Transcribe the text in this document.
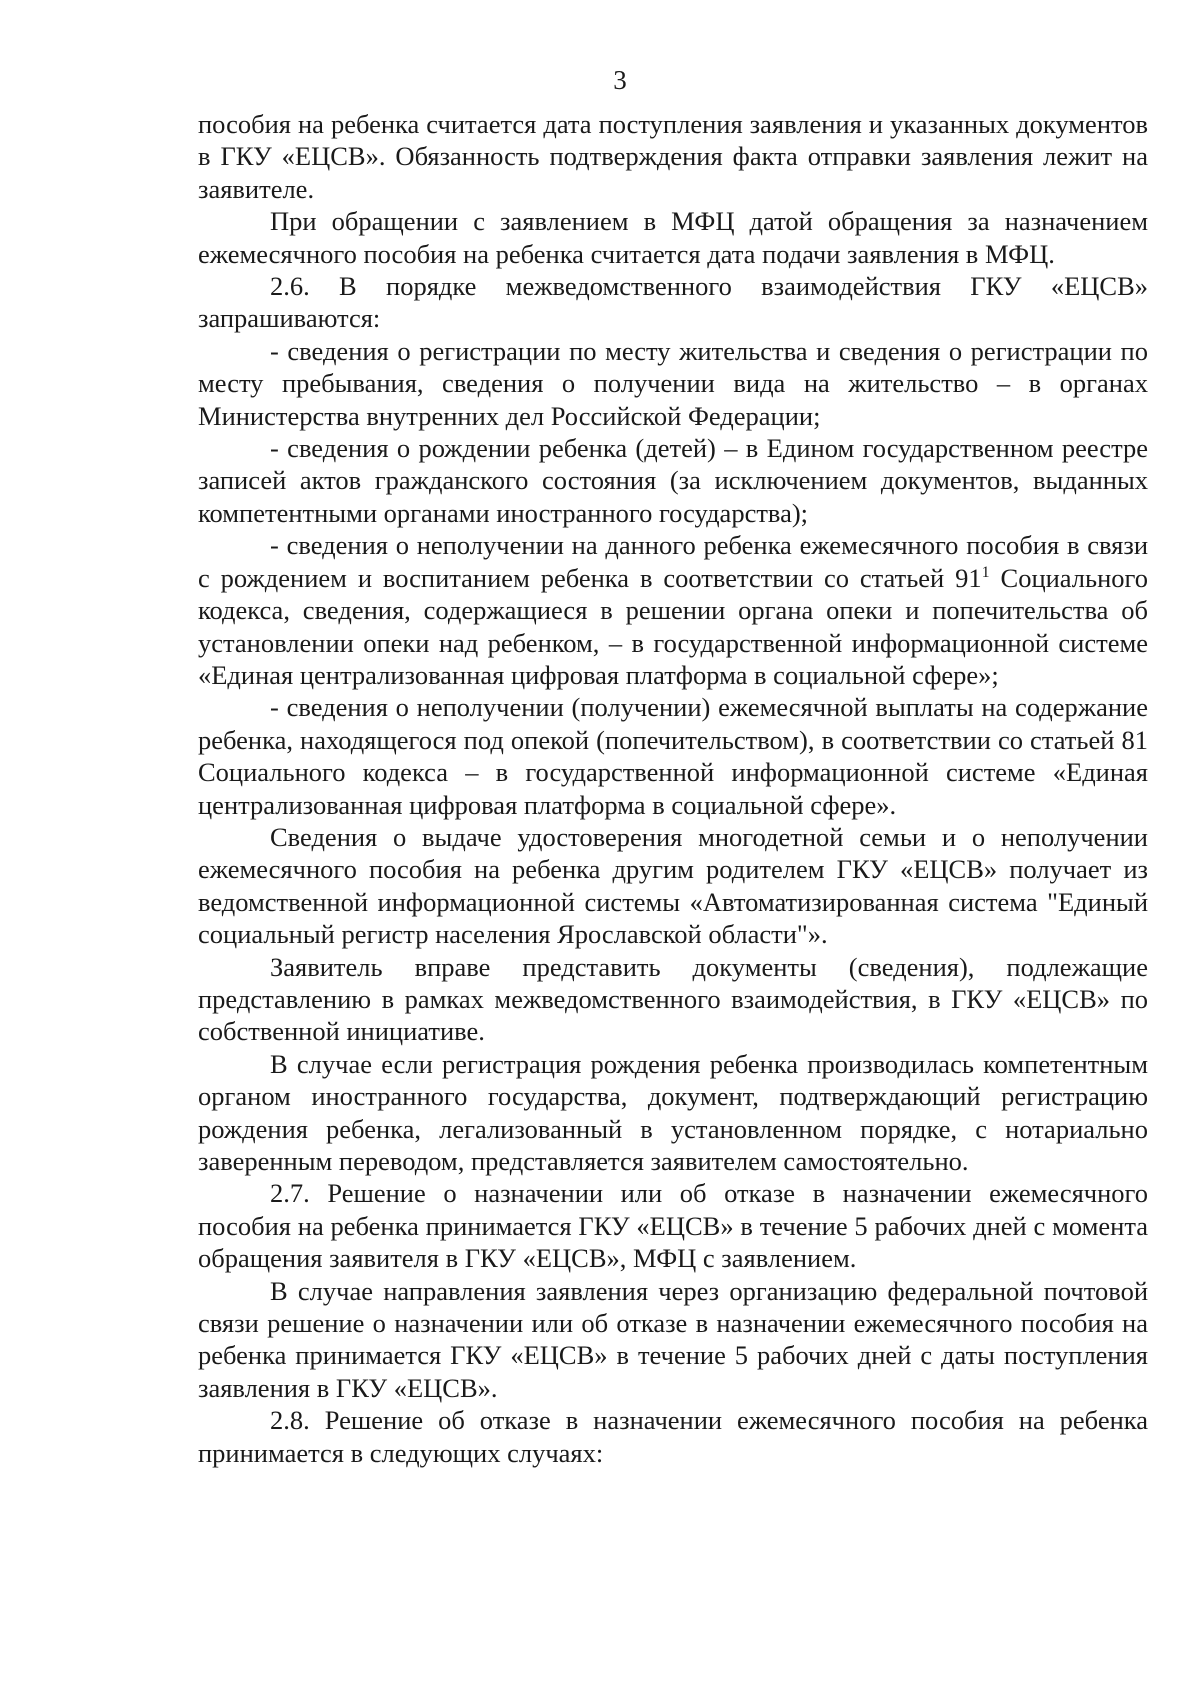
3

пособия на ребенка считается дата поступления заявления и указанных документов в ГКУ «ЕЦСВ». Обязанность подтверждения факта отправки заявления лежит на заявителе.

При обращении с заявлением в МФЦ датой обращения за назначением ежемесячного пособия на ребенка считается дата подачи заявления в МФЦ.

2.6. В порядке межведомственного взаимодействия ГКУ «ЕЦСВ» запрашиваются:

- сведения о регистрации по месту жительства и сведения о регистрации по месту пребывания, сведения о получении вида на жительство – в органах Министерства внутренних дел Российской Федерации;

- сведения о рождении ребенка (детей) – в Едином государственном реестре записей актов гражданского состояния (за исключением документов, выданных компетентными органами иностранного государства);

- сведения о неполучении на данного ребенка ежемесячного пособия в связи с рождением и воспитанием ребенка в соответствии со статьей $91^1$ Социального кодекса, сведения, содержащиеся в решении органа опеки и попечительства об установлении опеки над ребенком, – в государственной информационной системе «Единая централизованная цифровая платформа в социальной сфере»;

- сведения о неполучении (получении) ежемесячной выплаты на содержание ребенка, находящегося под опекой (попечительством), в соответствии со статьей 81 Социального кодекса – в государственной информационной системе «Единая централизованная цифровая платформа в социальной сфере».

Сведения о выдаче удостоверения многодетной семьи и о неполучении ежемесячного пособия на ребенка другим родителем ГКУ «ЕЦСВ» получает из ведомственной информационной системы «Автоматизированная система "Единый социальный регистр населения Ярославской области"».

Заявитель вправе представить документы (сведения), подлежащие представлению в рамках межведомственного взаимодействия, в ГКУ «ЕЦСВ» по собственной инициативе.

В случае если регистрация рождения ребенка производилась компетентным органом иностранного государства, документ, подтверждающий регистрацию рождения ребенка, легализованный в установленном порядке, с нотариально заверенным переводом, представляется заявителем самостоятельно.

2.7. Решение о назначении или об отказе в назначении ежемесячного пособия на ребенка принимается ГКУ «ЕЦСВ» в течение 5 рабочих дней с момента обращения заявителя в ГКУ «ЕЦСВ», МФЦ с заявлением.

В случае направления заявления через организацию федеральной почтовой связи решение о назначении или об отказе в назначении ежемесячного пособия на ребенка принимается ГКУ «ЕЦСВ» в течение 5 рабочих дней с даты поступления заявления в ГКУ «ЕЦСВ».

2.8. Решение об отказе в назначении ежемесячного пособия на ребенка принимается в следующих случаях:
